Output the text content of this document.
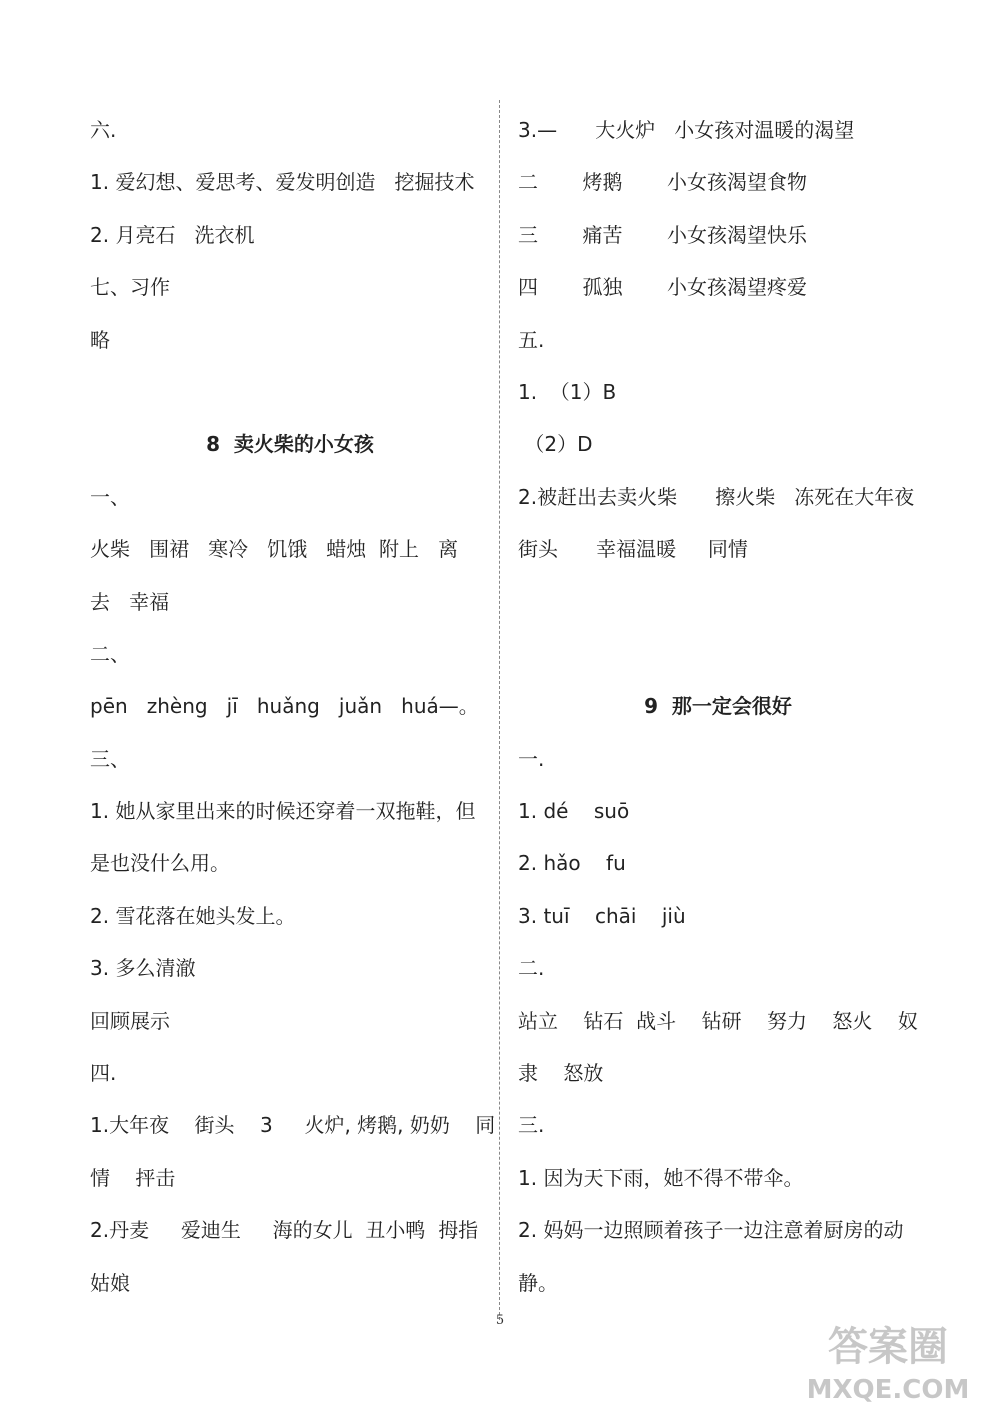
六.
1. 爱幻想、爱思考、爱发明创造   挖掘技术
2. 月亮石   洗衣机
七、习作
略
8  卖火柴的小女孩
一、
火柴   围裙   寒冷   饥饿   蜡烛  附上   离
去   幸福
二、
pēn   zhèng   jī   huǎng   juǎn   huá—。
三、
1. 她从家里出来的时候还穿着一双拖鞋，但
是也没什么用。
2. 雪花落在她头发上。
3. 多么清澈
回顾展示
四.
1.大年夜    街头    3     火炉, 烤鹅, 奶奶    同
情    抨击
2.丹麦     爱迪生     海的女儿  丑小鸭  拇指
姑娘
3.—      大火炉   小女孩对温暖的渴望
二       烤鹅       小女孩渴望食物
三       痛苦       小女孩渴望快乐
四       孤独       小女孩渴望疼爱
五.
1.  （1）B
（2）D
2.被赶出去卖火柴      擦火柴   冻死在大年夜
街头      幸福温暖     同情
9  那一定会很好
一.
1. dé    suō
2. hǎo    fu
3. tuī    chāi    jiù
二.
站立    钻石  战斗    钻研    努力    怒火    奴
隶    怒放
三.
1. 因为天下雨，她不得不带伞。
2. 妈妈一边照顾着孩子一边注意着厨房的动
静。
5
答案圈
MXQE.COM
